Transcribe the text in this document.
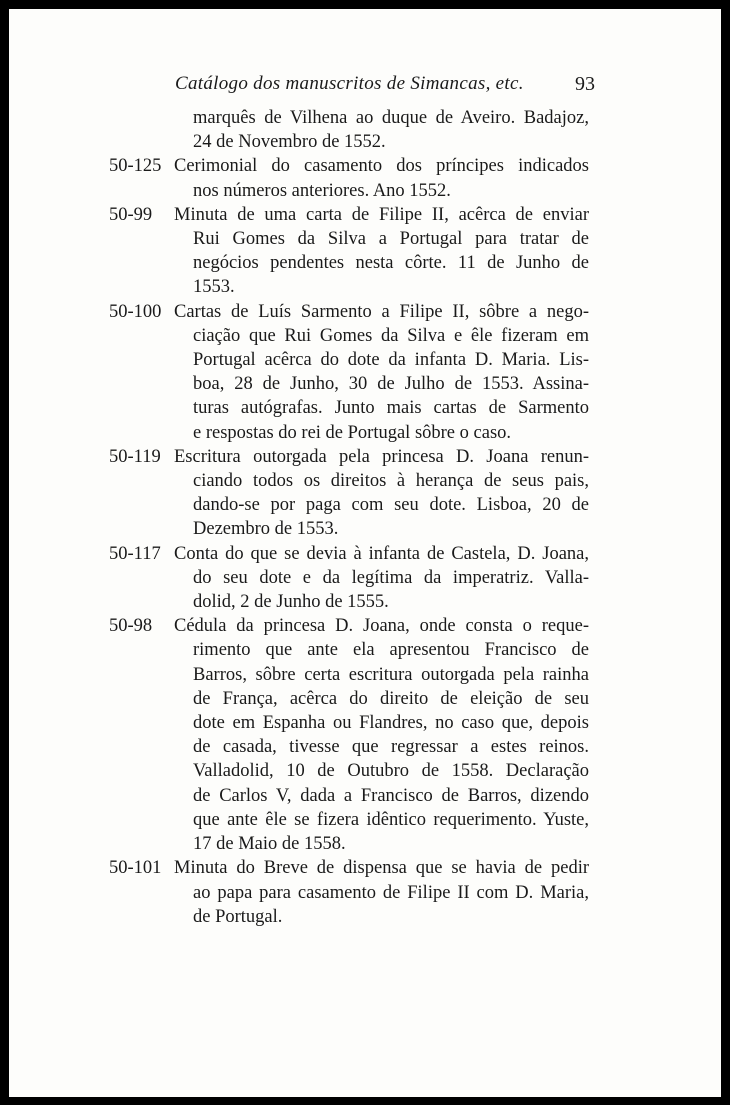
Catálogo dos manuscritos de Simancas, etc.	93
marquês de Vilhena ao duque de Aveiro. Badajoz,
24 de Novembro de 1552.
50-125 Cerimonial do casamento dos príncipes indicados
nos números anteriores. Ano 1552.
50-99 Minuta de uma carta de Filipe II, acêrca de enviar
Rui Gomes da Silva a Portugal para tratar de
negócios pendentes nesta côrte. 11 de Junho de
1553.
50-100 Cartas de Luís Sarmento a Filipe II, sôbre a nego-
ciação que Rui Gomes da Silva e êle fizeram em
Portugal acêrca do dote da infanta D. Maria. Lis-
boa, 28 de Junho, 30 de Julho de 1553. Assina-
turas autógrafas. Junto mais cartas de Sarmento
e respostas do rei de Portugal sôbre o caso.
50-119 Escritura outorgada pela princesa D. Joana renun-
ciando todos os direitos à herança de seus pais,
dando-se por paga com seu dote. Lisboa, 20 de
Dezembro de 1553.
50-117 Conta do que se devia à infanta de Castela, D. Joana,
do seu dote e da legítima da imperatriz. Valla-
dolid, 2 de Junho de 1555.
50-98 Cédula da princesa D. Joana, onde consta o reque-
rimento que ante ela apresentou Francisco de
Barros, sôbre certa escritura outorgada pela rainha
de França, acêrca do direito de eleição de seu
dote em Espanha ou Flandres, no caso que, depois
de casada, tivesse que regressar a estes reinos.
Valladolid, 10 de Outubro de 1558. Declaração
de Carlos V, dada a Francisco de Barros, dizendo
que ante êle se fizera idêntico requerimento. Yuste,
17 de Maio de 1558.
50-101 Minuta do Breve de dispensa que se havia de pedir
ao papa para casamento de Filipe II com D. Maria,
de Portugal.
